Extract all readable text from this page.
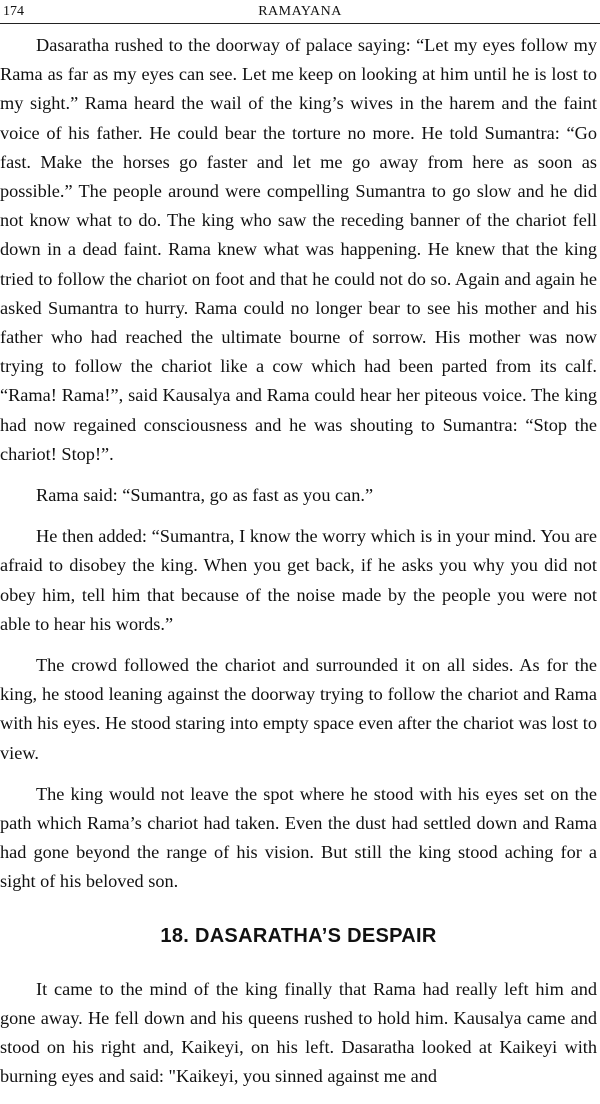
174	RAMAYANA

Dasaratha rushed to the doorway of palace saying: “Let my eyes follow my Rama as far as my eyes can see. Let me keep on looking at him until he is lost to my sight.” Rama heard the wail of the king’s wives in the harem and the faint voice of his father. He could bear the torture no more. He told Sumantra: “Go fast. Make the horses go faster and let me go away from here as soon as possible.” The people around were compelling Sumantra to go slow and he did not know what to do. The king who saw the receding banner of the chariot fell down in a dead faint. Rama knew what was happening. He knew that the king tried to follow the chariot on foot and that he could not do so. Again and again he asked Sumantra to hurry. Rama could no longer bear to see his mother and his father who had reached the ultimate bourne of sorrow. His mother was now trying to follow the chariot like a cow which had been parted from its calf. “Rama! Rama!”, said Kausalya and Rama could hear her piteous voice. The king had now regained consciousness and he was shouting to Sumantra: “Stop the chariot! Stop!”.

Rama said: “Sumantra, go as fast as you can.”

He then added: “Sumantra, I know the worry which is in your mind. You are afraid to disobey the king. When you get back, if he asks you why you did not obey him, tell him that because of the noise made by the people you were not able to hear his words.”

The crowd followed the chariot and surrounded it on all sides. As for the king, he stood leaning against the doorway trying to follow the chariot and Rama with his eyes. He stood staring into empty space even after the chariot was lost to view.

The king would not leave the spot where he stood with his eyes set on the path which Rama’s chariot had taken. Even the dust had settled down and Rama had gone beyond the range of his vision. But still the king stood aching for a sight of his beloved son.

18. DASARATHA’S DESPAIR

It came to the mind of the king finally that Rama had really left him and gone away. He fell down and his queens rushed to hold him. Kausalya came and stood on his right and, Kaikeyi, on his left. Dasaratha looked at Kaikeyi with burning eyes and said: "Kaikeyi, you sinned against me and
